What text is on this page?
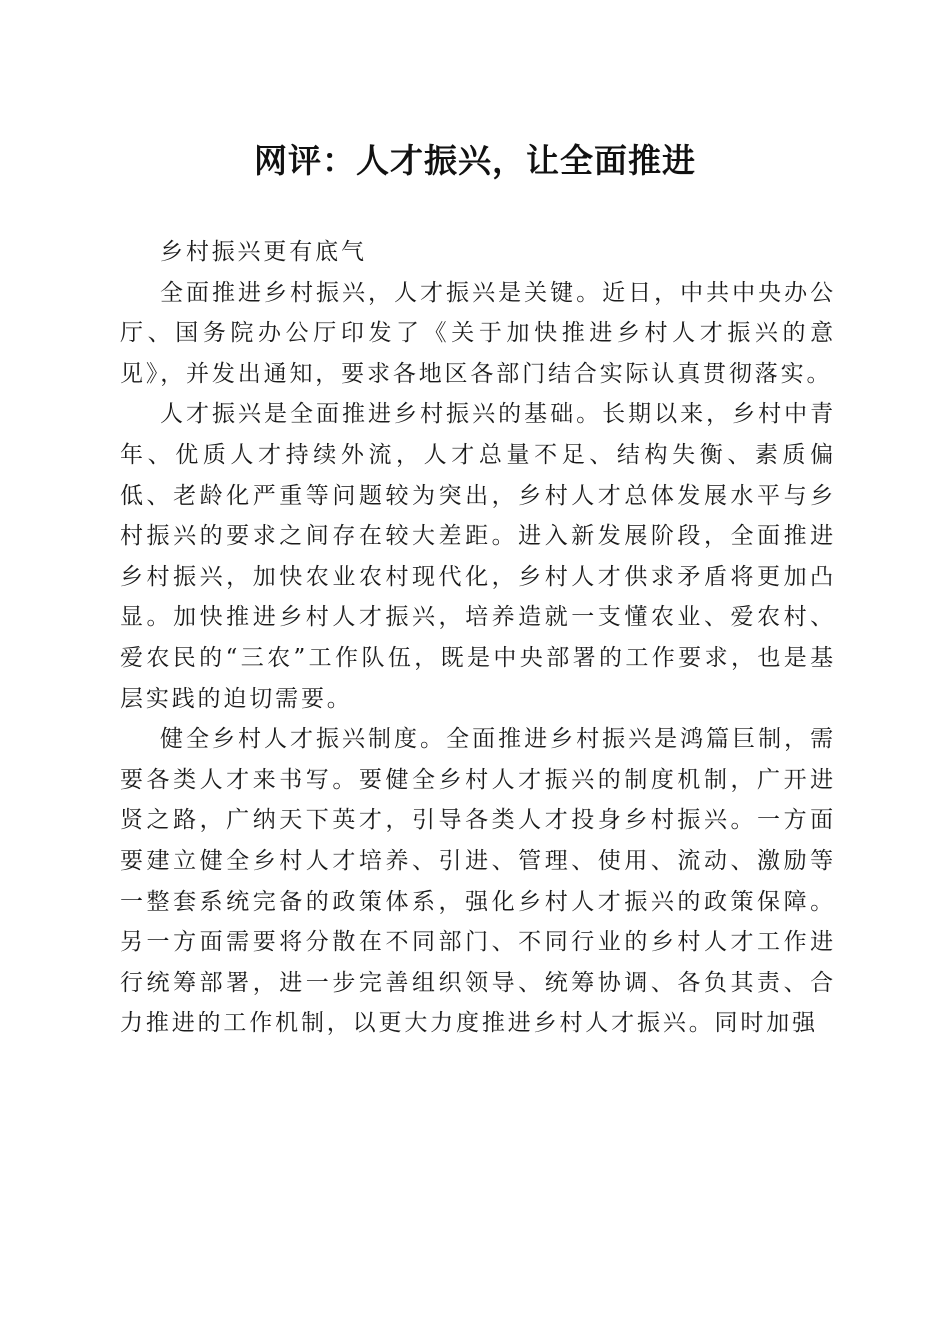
网评：人才振兴，让全面推进

乡村振兴更有底气

全面推进乡村振兴，人才振兴是关键。近日，中共中央办公厅、国务院办公厅印发了《关于加快推进乡村人才振兴的意见》，并发出通知，要求各地区各部门结合实际认真贯彻落实。

人才振兴是全面推进乡村振兴的基础。长期以来，乡村中青年、优质人才持续外流，人才总量不足、结构失衡、素质偏低、老龄化严重等问题较为突出，乡村人才总体发展水平与乡村振兴的要求之间存在较大差距。进入新发展阶段，全面推进乡村振兴，加快农业农村现代化，乡村人才供求矛盾将更加凸显。加快推进乡村人才振兴，培养造就一支懂农业、爱农村、爱农民的“三农”工作队伍，既是中央部署的工作要求，也是基层实践的迫切需要。

健全乡村人才振兴制度。全面推进乡村振兴是鸿篇巨制，需要各类人才来书写。要健全乡村人才振兴的制度机制，广开进贤之路，广纳天下英才，引导各类人才投身乡村振兴。一方面要建立健全乡村人才培养、引进、管理、使用、流动、激励等一整套系统完备的政策体系，强化乡村人才振兴的政策保障。另一方面需要将分散在不同部门、不同行业的乡村人才工作进行统筹部署，进一步完善组织领导、统筹协调、各负其责、合力推进的工作机制，以更大力度推进乡村人才振兴。同时加强
